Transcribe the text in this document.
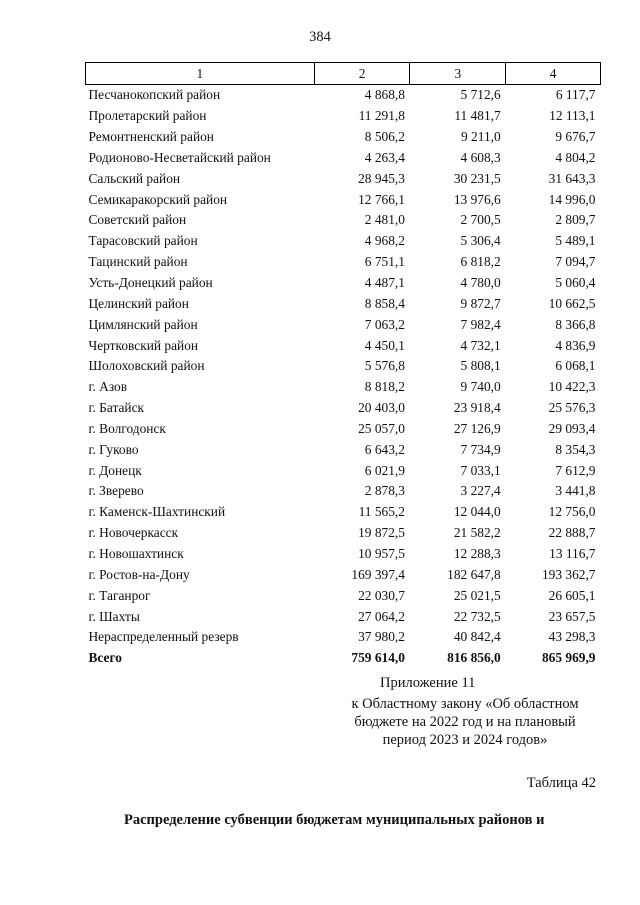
384
1	2	3	4
Песчанокопский район	4 868,8	5 712,6	6 117,7
Пролетарский район	11 291,8	11 481,7	12 113,1
Ремонтненский район	8 506,2	9 211,0	9 676,7
Родионово-Несветайский район	4 263,4	4 608,3	4 804,2
Сальский район	28 945,3	30 231,5	31 643,3
Семикаракорский район	12 766,1	13 976,6	14 996,0
Советский район	2 481,0	2 700,5	2 809,7
Тарасовский район	4 968,2	5 306,4	5 489,1
Тацинский район	6 751,1	6 818,2	7 094,7
Усть-Донецкий район	4 487,1	4 780,0	5 060,4
Целинский район	8 858,4	9 872,7	10 662,5
Цимлянский район	7 063,2	7 982,4	8 366,8
Чертковский район	4 450,1	4 732,1	4 836,9
Шолоховский район	5 576,8	5 808,1	6 068,1
г. Азов	8 818,2	9 740,0	10 422,3
г. Батайск	20 403,0	23 918,4	25 576,3
г. Волгодонск	25 057,0	27 126,9	29 093,4
г. Гуково	6 643,2	7 734,9	8 354,3
г. Донецк	6 021,9	7 033,1	7 612,9
г. Зверево	2 878,3	3 227,4	3 441,8
г. Каменск-Шахтинский	11 565,2	12 044,0	12 756,0
г. Новочеркасск	19 872,5	21 582,2	22 888,7
г. Новошахтинск	10 957,5	12 288,3	13 116,7
г. Ростов-на-Дону	169 397,4	182 647,8	193 362,7
г. Таганрог	22 030,7	25 021,5	26 605,1
г. Шахты	27 064,2	22 732,5	23 657,5
Нераспределенный резерв	37 980,2	40 842,4	43 298,3
Всего	759 614,0	816 856,0	865 969,9
Приложение 11
к Областному закону «Об областном
бюджете на 2022 год и на плановый
период 2023 и 2024 годов»
Таблица 42
Распределение субвенции бюджетам муниципальных районов и
